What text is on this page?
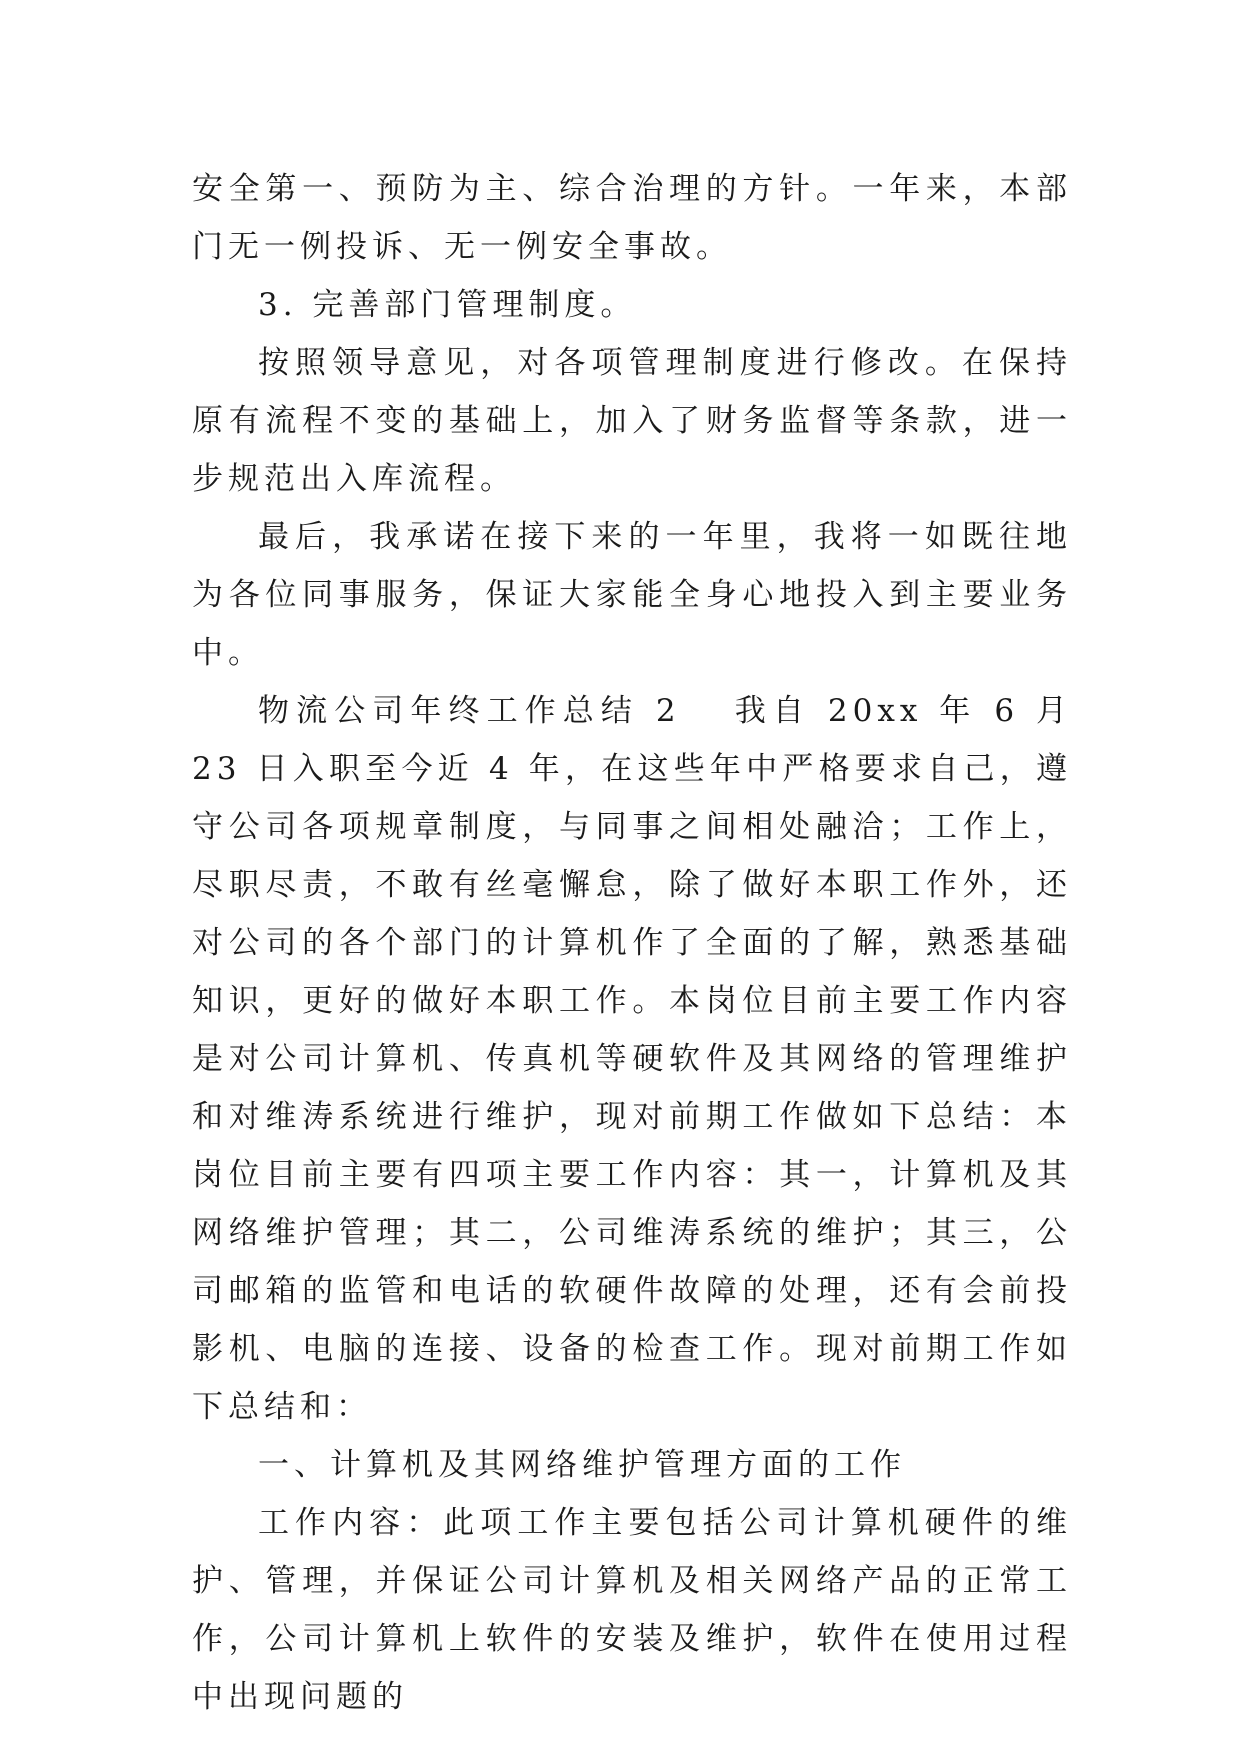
安全第一、预防为主、综合治理的方针。一年来，本部门无一例投诉、无一例安全事故。

3. 完善部门管理制度。

按照领导意见，对各项管理制度进行修改。在保持原有流程不变的基础上，加入了财务监督等条款，进一步规范出入库流程。

最后，我承诺在接下来的一年里，我将一如既往地为各位同事服务，保证大家能全身心地投入到主要业务中。

物流公司年终工作总结 2 我自 20xx 年 6 月 23 日入职至今近 4 年，在这些年中严格要求自己，遵守公司各项规章制度，与同事之间相处融洽；工作上，尽职尽责，不敢有丝毫懈怠，除了做好本职工作外，还对公司的各个部门的计算机作了全面的了解，熟悉基础知识，更好的做好本职工作。本岗位目前主要工作内容是对公司计算机、传真机等硬软件及其网络的管理维护和对维涛系统进行维护，现对前期工作做如下总结：本岗位目前主要有四项主要工作内容：其一，计算机及其网络维护管理；其二，公司维涛系统的维护；其三，公司邮箱的监管和电话的软硬件故障的处理，还有会前投影机、电脑的连接、设备的检查工作。现对前期工作如下总结和：

一、计算机及其网络维护管理方面的工作

工作内容：此项工作主要包括公司计算机硬件的维护、管理，并保证公司计算机及相关网络产品的正常工作，公司计算机上软件的安装及维护，软件在使用过程中出现问题的
